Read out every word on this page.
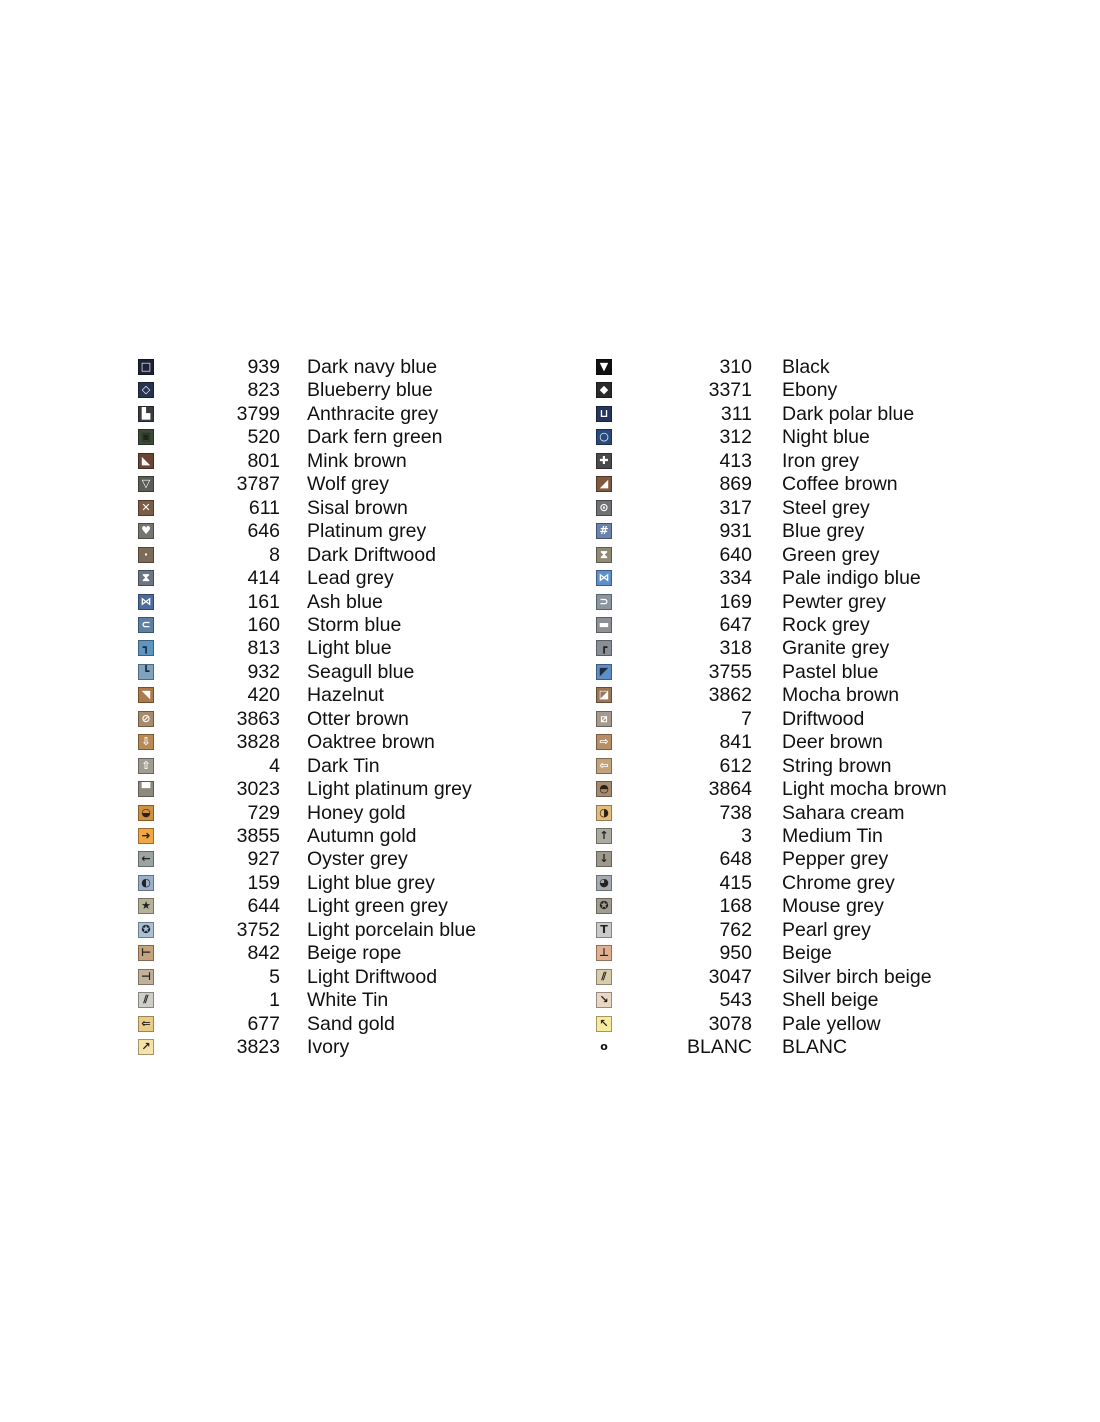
□	939 Dark navy blue
◇	823 Blueberry blue
▙	3799 Anthracite grey
▣	520 Dark fern green
◣	801 Mink brown
▽	3787 Wolf grey
✕	611 Sisal brown
♥	646 Platinum grey
·	8 Dark Driftwood
⧗	414 Lead grey
⋈	161 Ash blue
⊂	160 Storm blue
┓	813 Light blue
┗	932 Seagull blue
◥	420 Hazelnut
⊘	3863 Otter brown
⇩	3828 Oaktree brown
⇧	4 Dark Tin
▀	3023 Light platinum grey
◒	729 Honey gold
➜	3855 Autumn gold
←	927 Oyster grey
◐	159 Light blue grey
★	644 Light green grey
✪	3752 Light porcelain blue
⊢	842 Beige rope
⊣	5 Light Driftwood
⫽	1 White Tin
⇐	677 Sand gold
↗	3823 Ivory
▼	310 Black
◆	3371 Ebony
⊔	311 Dark polar blue
○	312 Night blue
✚	413 Iron grey
◢	869 Coffee brown
⊙	317 Steel grey
#	931 Blue grey
⧗	640 Green grey
⋈	334 Pale indigo blue
⊃	169 Pewter grey
▬	647 Rock grey
┏	318 Granite grey
◤	3755 Pastel blue
◪	3862 Mocha brown
⧄	7 Driftwood
⇨	841 Deer brown
⇦	612 String brown
◓	3864 Light mocha brown
◑	738 Sahara cream
↑	3 Medium Tin
↓	648 Pepper grey
◕	415 Chrome grey
✪	168 Mouse grey
T	762 Pearl grey
⊥	950 Beige
⫽	3047 Silver birch beige
↘	543 Shell beige
↖	3078 Pale yellow
o	BLANC BLANC
